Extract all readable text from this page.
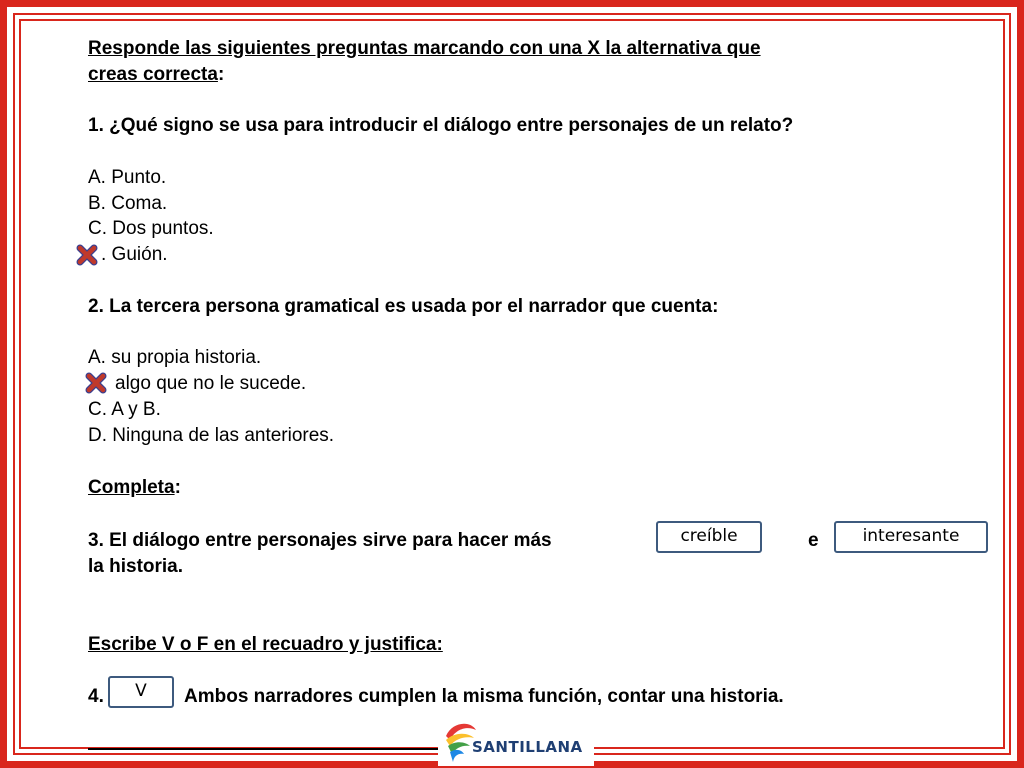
Responde las siguientes preguntas marcando con una X la alternativa que
creas correcta:
1. ¿Qué signo se usa para introducir el diálogo entre personajes de un relato?
A. Punto.
B. Coma.
C. Dos puntos.
. Guión.
2. La tercera persona gramatical es usada por el narrador que cuenta:
A. su propia historia.
algo que no le sucede.
C. A y B.
D. Ninguna de las anteriores.
Completa:
3. El diálogo entre personajes sirve para hacer más	e
la historia.
Escribe V o F en el recuadro y justifica:
4.	Ambos narradores cumplen la misma función, contar una historia.
creíble	interesante
V
SANTILLANA
